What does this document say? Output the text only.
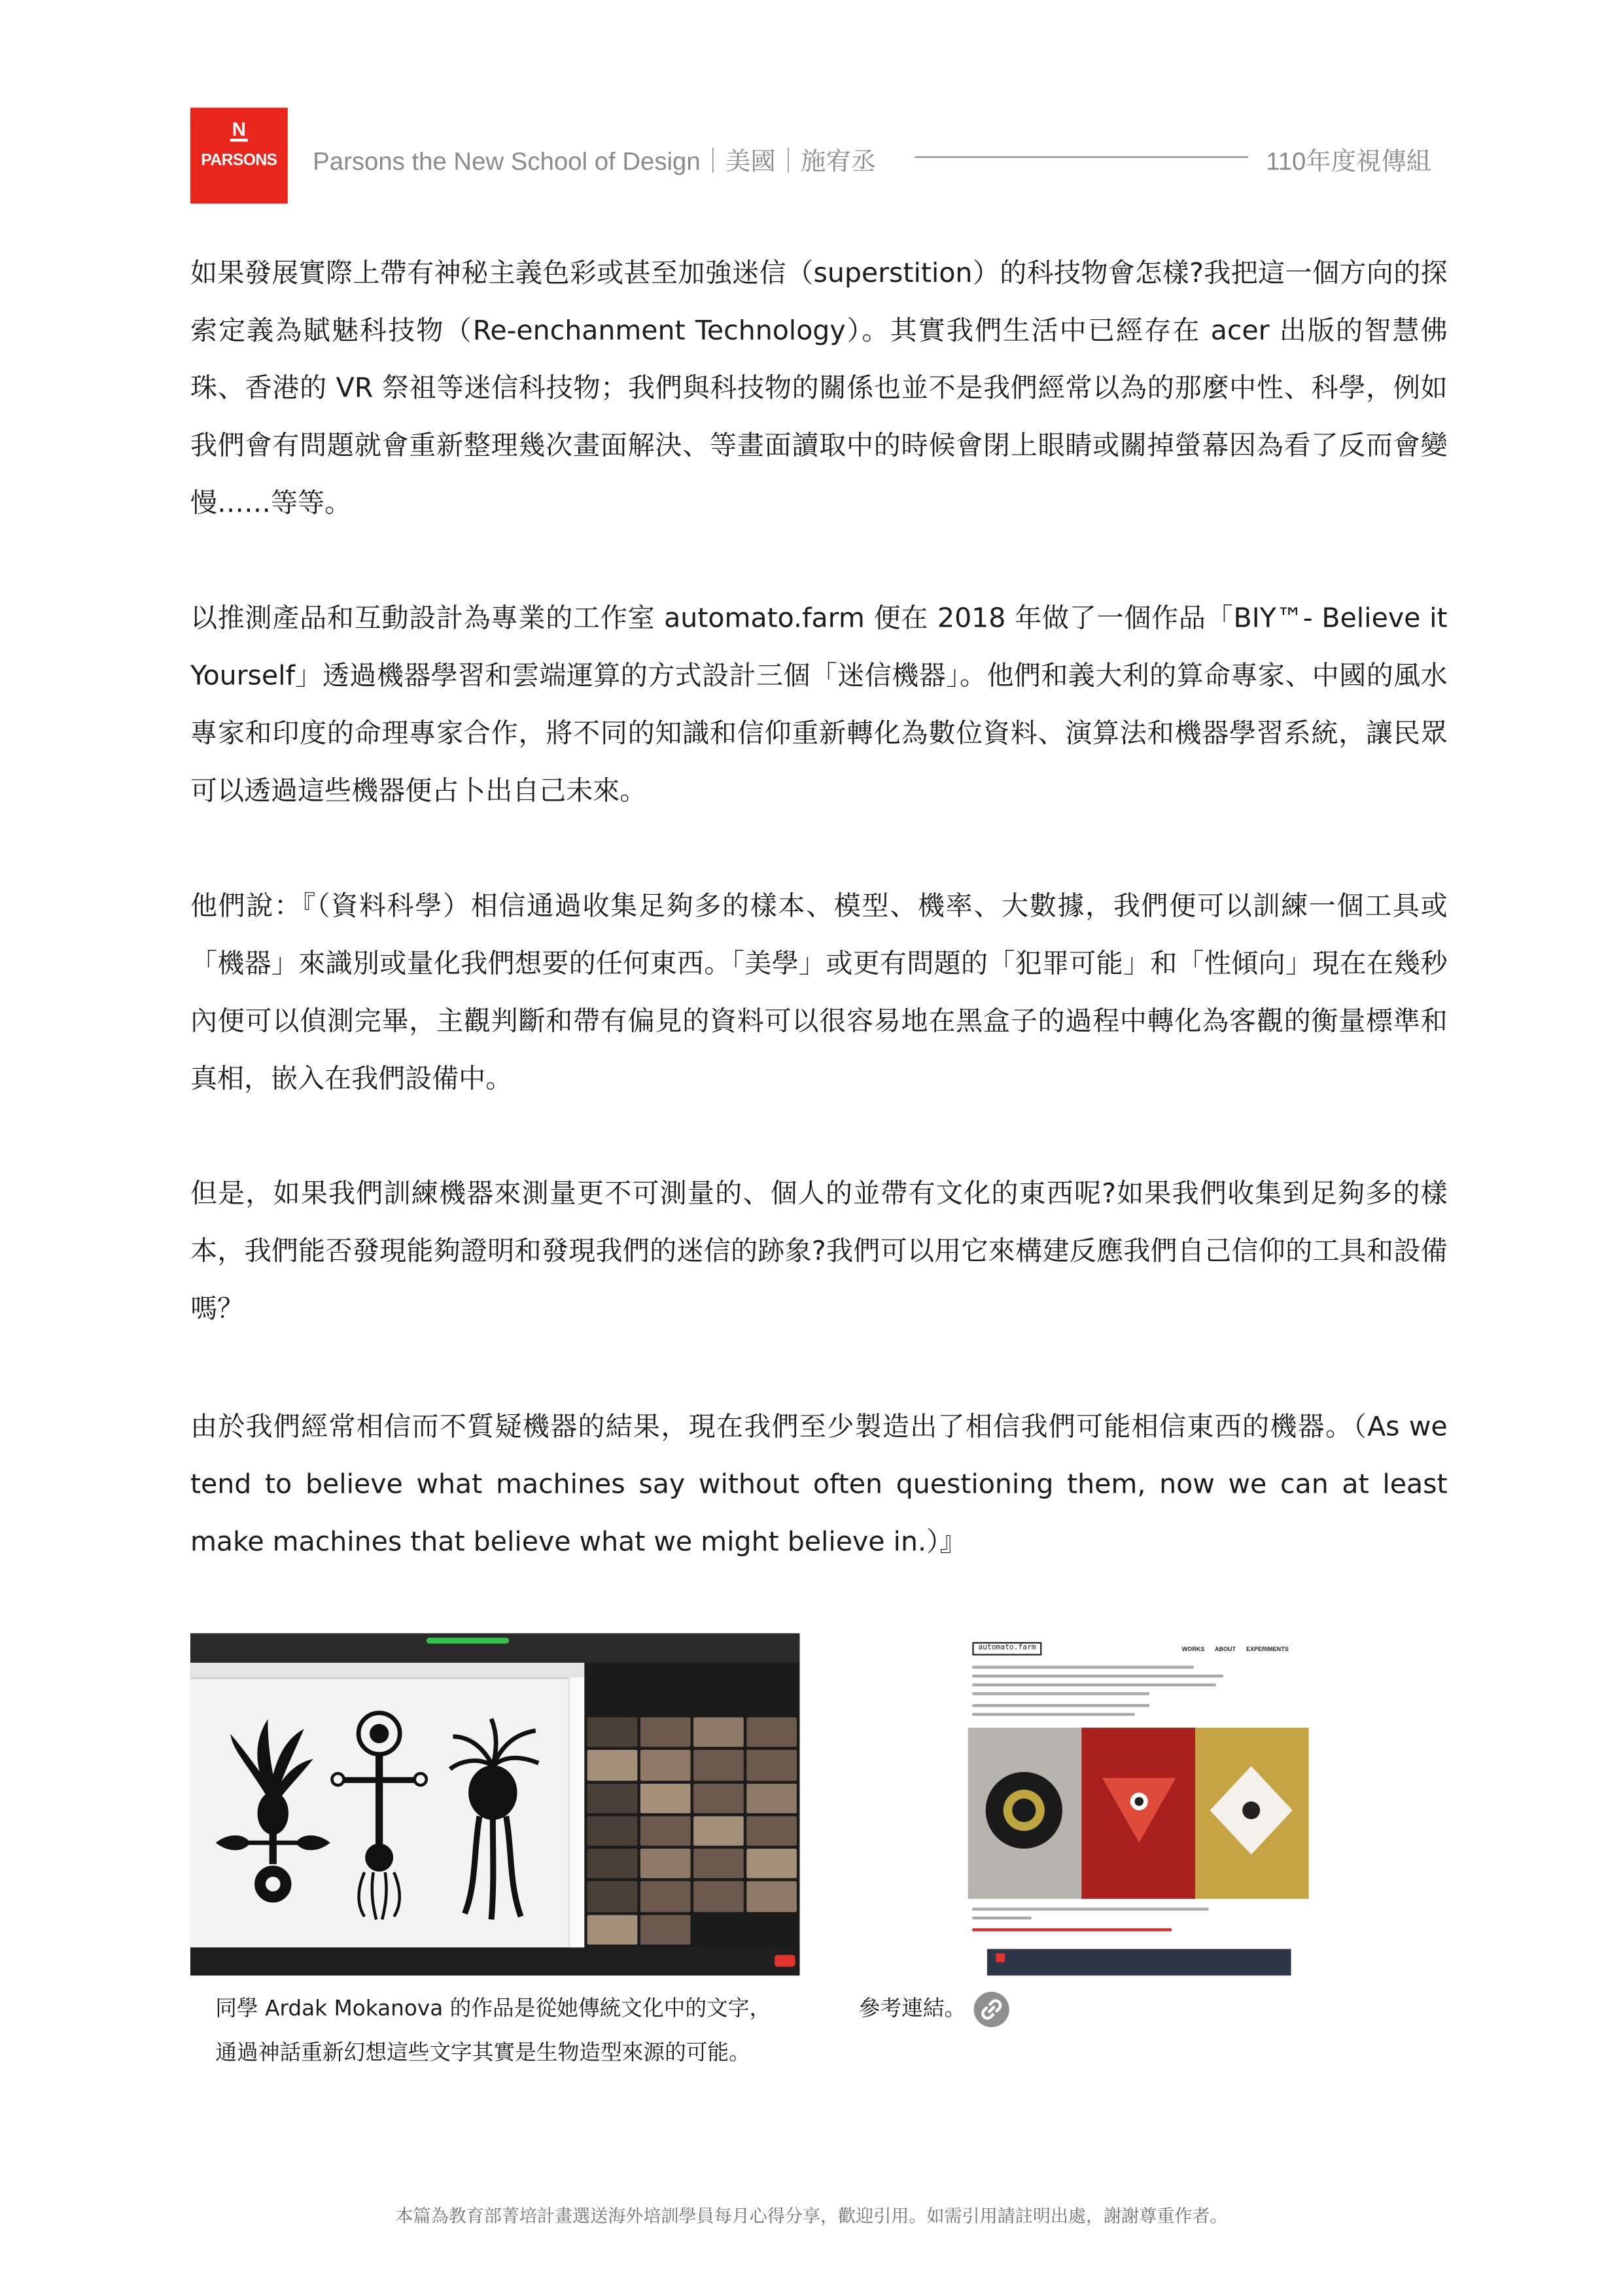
N
PARSONS	Parsons the New School of Design｜美國｜施宥丞	110年度視傳組

如果發展實際上帶有神秘主義色彩或甚至加強迷信（superstition）的科技物會怎樣?我把這一個方向的探索定義為賦魅科技物（Re-enchanment Technology）。其實我們生活中已經存在 acer 出版的智慧佛珠、香港的 VR 祭祖等迷信科技物；我們與科技物的關係也並不是我們經常以為的那麼中性、科學，例如我們會有問題就會重新整理幾次畫面解決、等畫面讀取中的時候會閉上眼睛或關掉螢幕因為看了反而會變慢……等等。

以推測產品和互動設計為專業的工作室 automato.farm 便在 2018 年做了一個作品「BIY™- Believe it Yourself」透過機器學習和雲端運算的方式設計三個「迷信機器」。他們和義大利的算命專家、中國的風水專家和印度的命理專家合作，將不同的知識和信仰重新轉化為數位資料、演算法和機器學習系統，讓民眾可以透過這些機器便占卜出自己未來。

他們說：『（資料科學）相信通過收集足夠多的樣本、模型、機率、大數據，我們便可以訓練一個工具或「機器」來識別或量化我們想要的任何東西。「美學」或更有問題的「犯罪可能」和「性傾向」現在在幾秒內便可以偵測完畢，主觀判斷和帶有偏見的資料可以很容易地在黑盒子的過程中轉化為客觀的衡量標準和真相，嵌入在我們設備中。

但是，如果我們訓練機器來測量更不可測量的、個人的並帶有文化的東西呢?如果我們收集到足夠多的樣本，我們能否發現能夠證明和發現我們的迷信的跡象?我們可以用它來構建反應我們自己信仰的工具和設備嗎？

由於我們經常相信而不質疑機器的結果，現在我們至少製造出了相信我們可能相信東西的機器。（As we tend to believe what machines say without often questioning them, now we can at least make machines that believe what we might believe in.）』

automato.farm	WORKS ABOUT EXPERIMENTS

同學 Ardak Mokanova 的作品是從她傳統文化中的文字，
通過神話重新幻想這些文字其實是生物造型來源的可能。

參考連結。

本篇為教育部菁培計畫選送海外培訓學員每月心得分享，歡迎引用。如需引用請註明出處，謝謝尊重作者。
